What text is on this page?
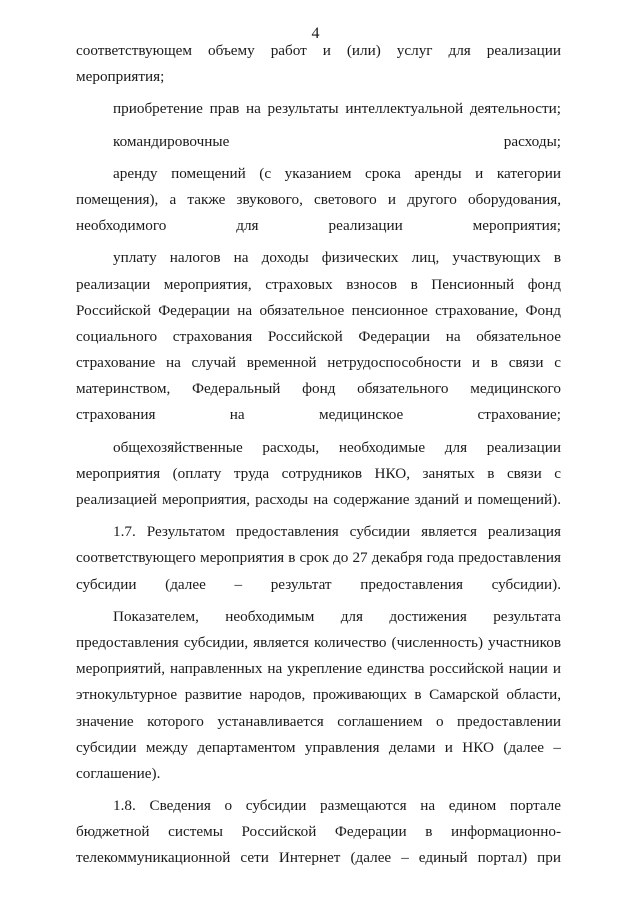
4
соответствующем объему работ и (или) услуг для реализации
мероприятия;
приобретение прав на результаты интеллектуальной деятельности;
командировочные расходы;
аренду помещений (с указанием срока аренды и категории
помещения), а также звукового, светового и другого оборудования,
необходимого для реализации мероприятия;
уплату налогов на доходы физических лиц, участвующих в
реализации мероприятия, страховых взносов в Пенсионный фонд
Российской Федерации на обязательное пенсионное страхование, Фонд
социального страхования Российской Федерации на обязательное
страхование на случай временной нетрудоспособности и в связи с
материнством, Федеральный фонд обязательного медицинского
страхования на медицинское страхование;
общехозяйственные расходы, необходимые для реализации
мероприятия (оплату труда сотрудников НКО, занятых в связи с
реализацией мероприятия, расходы на содержание зданий и помещений).
1.7. Результатом предоставления субсидии является реализация
соответствующего мероприятия в срок до 27 декабря года предоставления
субсидии (далее – результат предоставления субсидии).
Показателем, необходимым для достижения результата
предоставления субсидии, является количество (численность) участников
мероприятий, направленных на укрепление единства российской нации и
этнокультурное развитие народов, проживающих в Самарской области,
значение которого устанавливается соглашением о предоставлении
субсидии между департаментом управления делами и НКО (далее –
соглашение).
1.8. Сведения о субсидии размещаются на едином портале
бюджетной системы Российской Федерации в информационно-
телекоммуникационной сети Интернет (далее – единый портал) при
